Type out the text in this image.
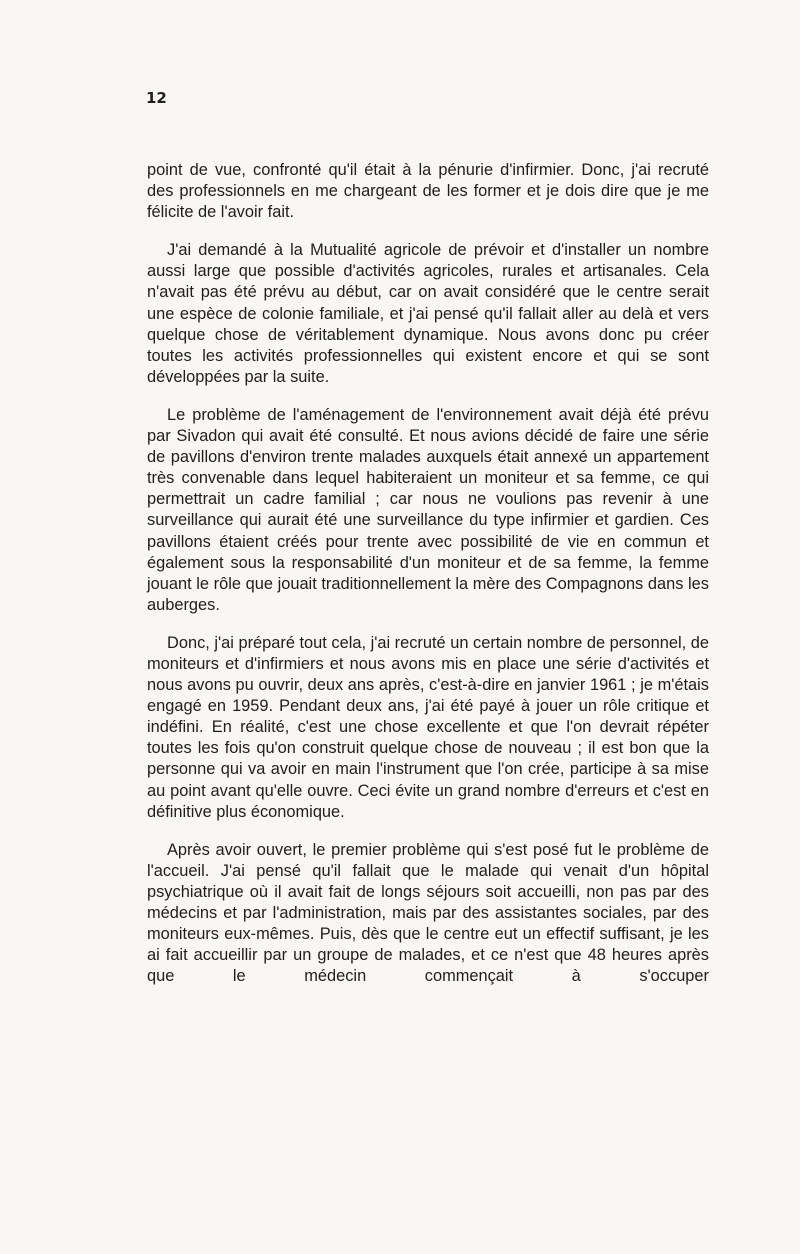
12

point de vue, confronté qu'il était à la pénurie d'infirmier. Donc, j'ai recruté des professionnels en me chargeant de les former et je dois dire que je me félicite de l'avoir fait.

J'ai demandé à la Mutualité agricole de prévoir et d'installer un nombre aussi large que possible d'activités agricoles, rurales et artisanales. Cela n'avait pas été prévu au début, car on avait considéré que le centre serait une espèce de colonie familiale, et j'ai pensé qu'il fallait aller au delà et vers quelque chose de véritablement dynamique. Nous avons donc pu créer toutes les activités professionnelles qui existent encore et qui se sont développées par la suite.

Le problème de l'aménagement de l'environnement avait déjà été prévu par Sivadon qui avait été consulté. Et nous avions décidé de faire une série de pavillons d'environ trente malades auxquels était annexé un appartement très convenable dans lequel habiteraient un moniteur et sa femme, ce qui permettrait un cadre familial ; car nous ne voulions pas revenir à une surveillance qui aurait été une surveillance du type infirmier et gardien. Ces pavillons étaient créés pour trente avec possibilité de vie en commun et également sous la responsabilité d'un moniteur et de sa femme, la femme jouant le rôle que jouait traditionnellement la mère des Compagnons dans les auberges.

Donc, j'ai préparé tout cela, j'ai recruté un certain nombre de personnel, de moniteurs et d'infirmiers et nous avons mis en place une série d'activités et nous avons pu ouvrir, deux ans après, c'est-à-dire en janvier 1961 ; je m'étais engagé en 1959. Pendant deux ans, j'ai été payé à jouer un rôle critique et indéfini. En réalité, c'est une chose excellente et que l'on devrait répéter toutes les fois qu'on construit quelque chose de nouveau ; il est bon que la personne qui va avoir en main l'instrument que l'on crée, participe à sa mise au point avant qu'elle ouvre. Ceci évite un grand nombre d'erreurs et c'est en définitive plus économique.

Après avoir ouvert, le premier problème qui s'est posé fut le problème de l'accueil. J'ai pensé qu'il fallait que le malade qui venait d'un hôpital psychiatrique où il avait fait de longs séjours soit accueilli, non pas par des médecins et par l'administration, mais par des assistantes sociales, par des moniteurs eux-mêmes. Puis, dès que le centre eut un effectif suffisant, je les ai fait accueillir par un groupe de malades, et ce n'est que 48 heures après que le médecin commençait à s'occuper
